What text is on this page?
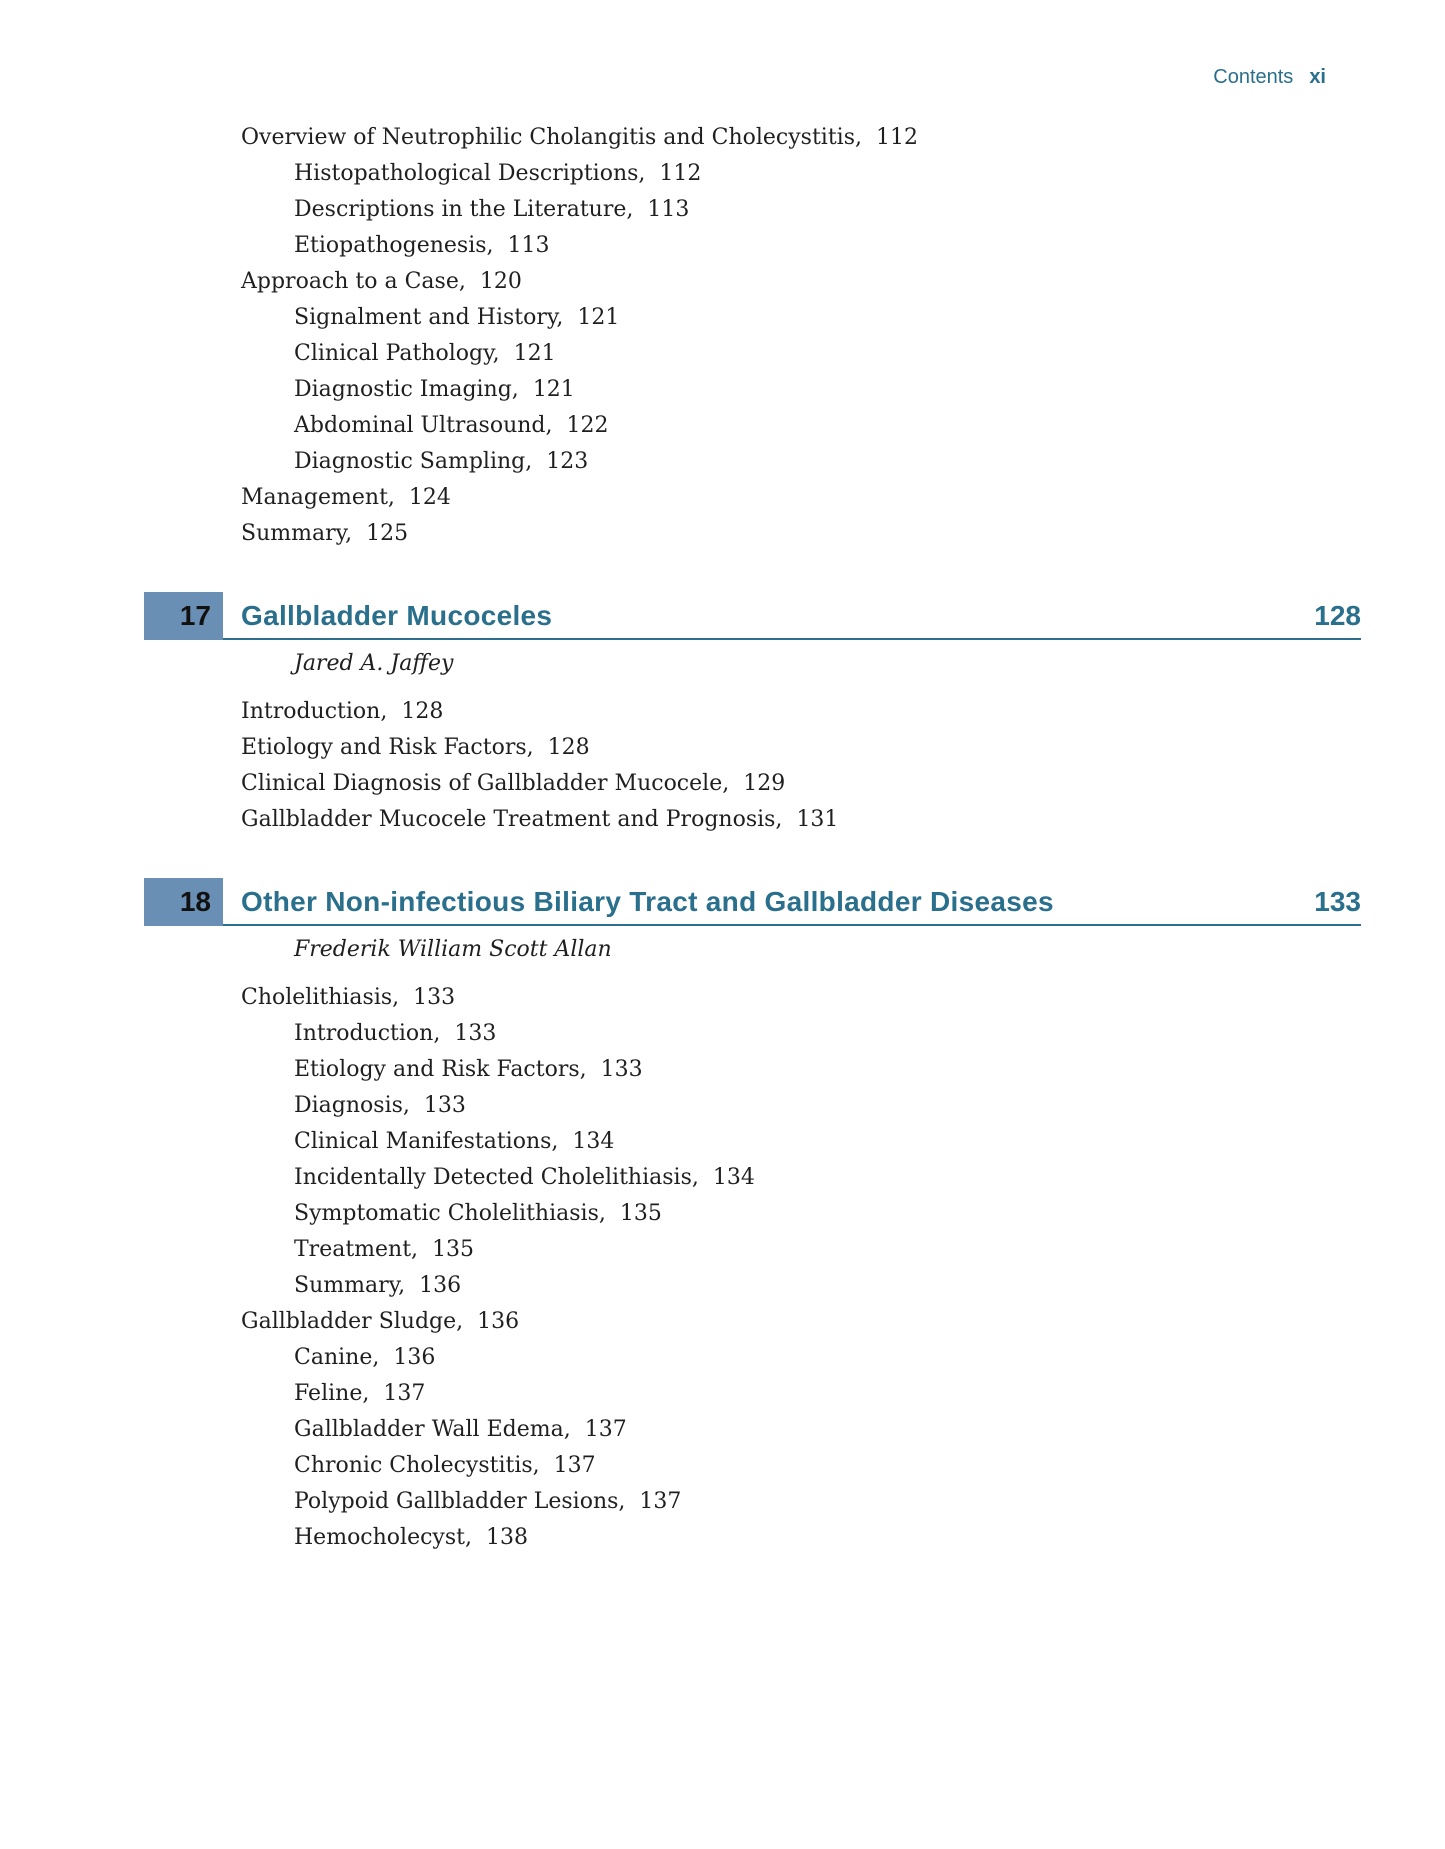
Contents xi
Overview of Neutrophilic Cholangitis and Cholecystitis, 112
Histopathological Descriptions, 112
Descriptions in the Literature, 113
Etiopathogenesis, 113
Approach to a Case, 120
Signalment and History, 121
Clinical Pathology, 121
Diagnostic Imaging, 121
Abdominal Ultrasound, 122
Diagnostic Sampling, 123
Management, 124
Summary, 125
17 Gallbladder Mucoceles	128
Jared A. Jaffey
Introduction, 128
Etiology and Risk Factors, 128
Clinical Diagnosis of Gallbladder Mucocele, 129
Gallbladder Mucocele Treatment and Prognosis, 131
18 Other Non-infectious Biliary Tract and Gallbladder Diseases	133
Frederik William Scott Allan
Cholelithiasis, 133
Introduction, 133
Etiology and Risk Factors, 133
Diagnosis, 133
Clinical Manifestations, 134
Incidentally Detected Cholelithiasis, 134
Symptomatic Cholelithiasis, 135
Treatment, 135
Summary, 136
Gallbladder Sludge, 136
Canine, 136
Feline, 137
Gallbladder Wall Edema, 137
Chronic Cholecystitis, 137
Polypoid Gallbladder Lesions, 137
Hemocholecyst, 138
